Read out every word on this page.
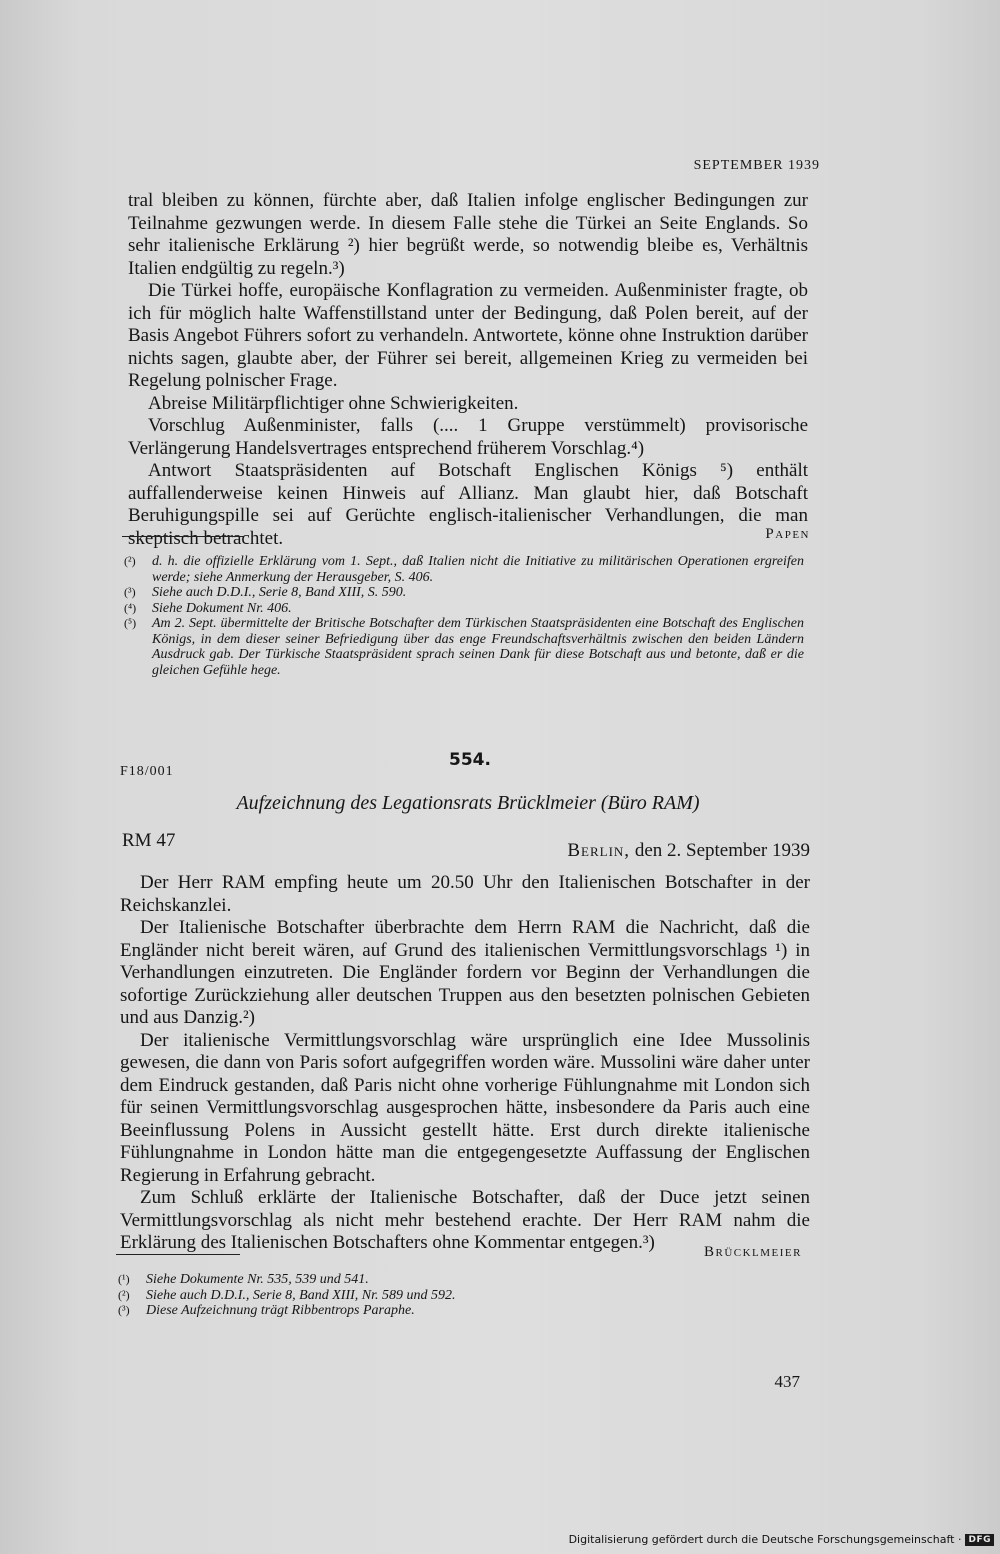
SEPTEMBER 1939

tral bleiben zu können, fürchte aber, daß Italien infolge englischer Bedingungen zur Teilnahme gezwungen werde. In diesem Falle stehe die Türkei an Seite Englands. So sehr italienische Erklärung ²) hier begrüßt werde, so notwendig bleibe es, Verhältnis Italien endgültig zu regeln.³)

Die Türkei hoffe, europäische Konflagration zu vermeiden. Außenminister fragte, ob ich für möglich halte Waffenstillstand unter der Bedingung, daß Polen bereit, auf der Basis Angebot Führers sofort zu verhandeln. Antwortete, könne ohne Instruktion darüber nichts sagen, glaubte aber, der Führer sei bereit, allgemeinen Krieg zu vermeiden bei Regelung polnischer Frage.

Abreise Militärpflichtiger ohne Schwierigkeiten.

Vorschlug Außenminister, falls (.... 1 Gruppe verstümmelt) provisorische Verlängerung Handelsvertrages entsprechend früherem Vorschlag.⁴)

Antwort Staatspräsidenten auf Botschaft Englischen Königs ⁵) enthält auffallenderweise keinen Hinweis auf Allianz. Man glaubt hier, daß Botschaft Beruhigungspille sei auf Gerüchte englisch-italienischer Verhandlungen, die man skeptisch betrachtet.	Papen
(²)	d. h. die offizielle Erklärung vom 1. Sept., daß Italien nicht die Initiative zu militärischen Operationen ergreifen werde; siehe Anmerkung der Herausgeber, S. 406.
(³)	Siehe auch D.D.I., Serie 8, Band XIII, S. 590.
(⁴)	Siehe Dokument Nr. 406.
(⁵)	Am 2. Sept. übermittelte der Britische Botschafter dem Türkischen Staatspräsidenten eine Botschaft des Englischen Königs, in dem dieser seiner Befriedigung über das enge Freundschaftsverhältnis zwischen den beiden Ländern Ausdruck gab. Der Türkische Staatspräsident sprach seinen Dank für diese Botschaft aus und betonte, daß er die gleichen Gefühle hege.
554.
F18/001
Aufzeichnung des Legationsrats Brücklmeier (Büro RAM)
RM 47	Berlin, den 2. September 1939

Der Herr RAM empfing heute um 20.50 Uhr den Italienischen Botschafter in der Reichskanzlei.

Der Italienische Botschafter überbrachte dem Herrn RAM die Nachricht, daß die Engländer nicht bereit wären, auf Grund des italienischen Vermittlungsvorschlags ¹) in Verhandlungen einzutreten. Die Engländer fordern vor Beginn der Verhandlungen die sofortige Zurückziehung aller deutschen Truppen aus den besetzten polnischen Gebieten und aus Danzig.²)

Der italienische Vermittlungsvorschlag wäre ursprünglich eine Idee Mussolinis gewesen, die dann von Paris sofort aufgegriffen worden wäre. Mussolini wäre daher unter dem Eindruck gestanden, daß Paris nicht ohne vorherige Fühlungnahme mit London sich für seinen Vermittlungsvorschlag ausgesprochen hätte, insbesondere da Paris auch eine Beeinflussung Polens in Aussicht gestellt hätte. Erst durch direkte italienische Fühlungnahme in London hätte man die entgegengesetzte Auffassung der Englischen Regierung in Erfahrung gebracht.

Zum Schluß erklärte der Italienische Botschafter, daß der Duce jetzt seinen Vermittlungsvorschlag als nicht mehr bestehend erachte. Der Herr RAM nahm die Erklärung des Italienischen Botschafters ohne Kommentar entgegen.³)	Brücklmeier
(¹)	Siehe Dokumente Nr. 535, 539 und 541.
(²)	Siehe auch D.D.I., Serie 8, Band XIII, Nr. 589 und 592.
(³)	Diese Aufzeichnung trägt Ribbentrops Paraphe.
437
Digitalisierung gefördert durch die Deutsche Forschungsgemeinschaft · DFG
